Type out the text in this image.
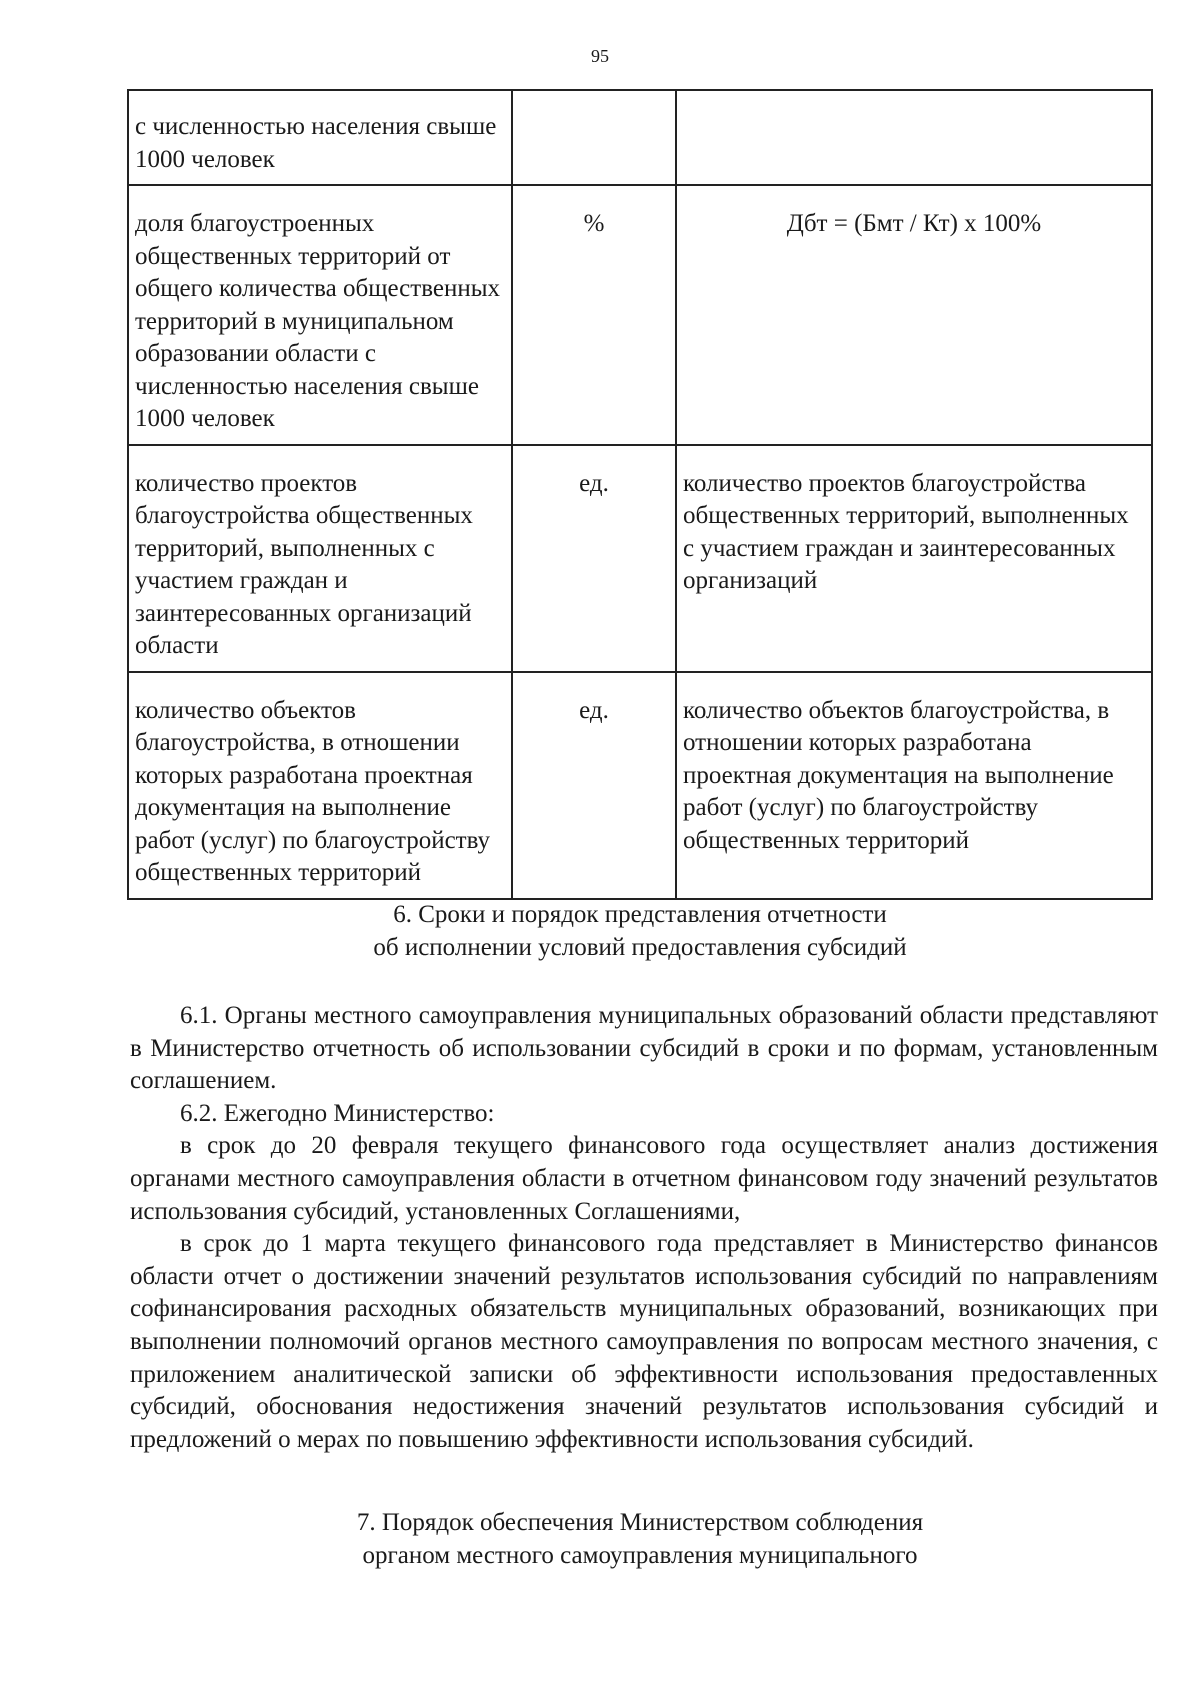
95
с численностью населения свыше 1000 человек		
доля благоустроенных общественных территорий от общего количества общественных территорий в муниципальном образовании области с численностью населения свыше 1000 человек	%	Дбт = (Бмт / Кт) х 100%
количество проектов благоустройства общественных территорий, выполненных с участием граждан и заинтересованных организаций области	ед.	количество проектов благоустройства общественных территорий, выполненных с участием граждан и заинтересованных организаций
количество объектов благоустройства, в отношении которых разработана проектная документация на выполнение работ (услуг) по благоустройству общественных территорий	ед.	количество объектов благоустройства, в отношении которых разработана проектная документация на выполнение работ (услуг) по благоустройству общественных территорий
6. Сроки и порядок представления отчетности
об исполнении условий предоставления субсидий

6.1. Органы местного самоуправления муниципальных образований области представляют в Министерство отчетность об использовании субсидий в сроки и по формам, установленным соглашением.

6.2. Ежегодно Министерство:

в срок до 20 февраля текущего финансового года осуществляет анализ достижения органами местного самоуправления области в отчетном финансовом году значений результатов использования субсидий, установленных Соглашениями,

в срок до 1 марта текущего финансового года представляет в Министерство финансов области отчет о достижении значений результатов использования субсидий по направлениям софинансирования расходных обязательств муниципальных образований, возникающих при выполнении полномочий органов местного самоуправления по вопросам местного значения, с приложением аналитической записки об эффективности использования предоставленных субсидий, обоснования недостижения значений результатов использования субсидий и предложений о мерах по повышению эффективности использования субсидий.

7. Порядок обеспечения Министерством соблюдения
органом местного самоуправления муниципального
